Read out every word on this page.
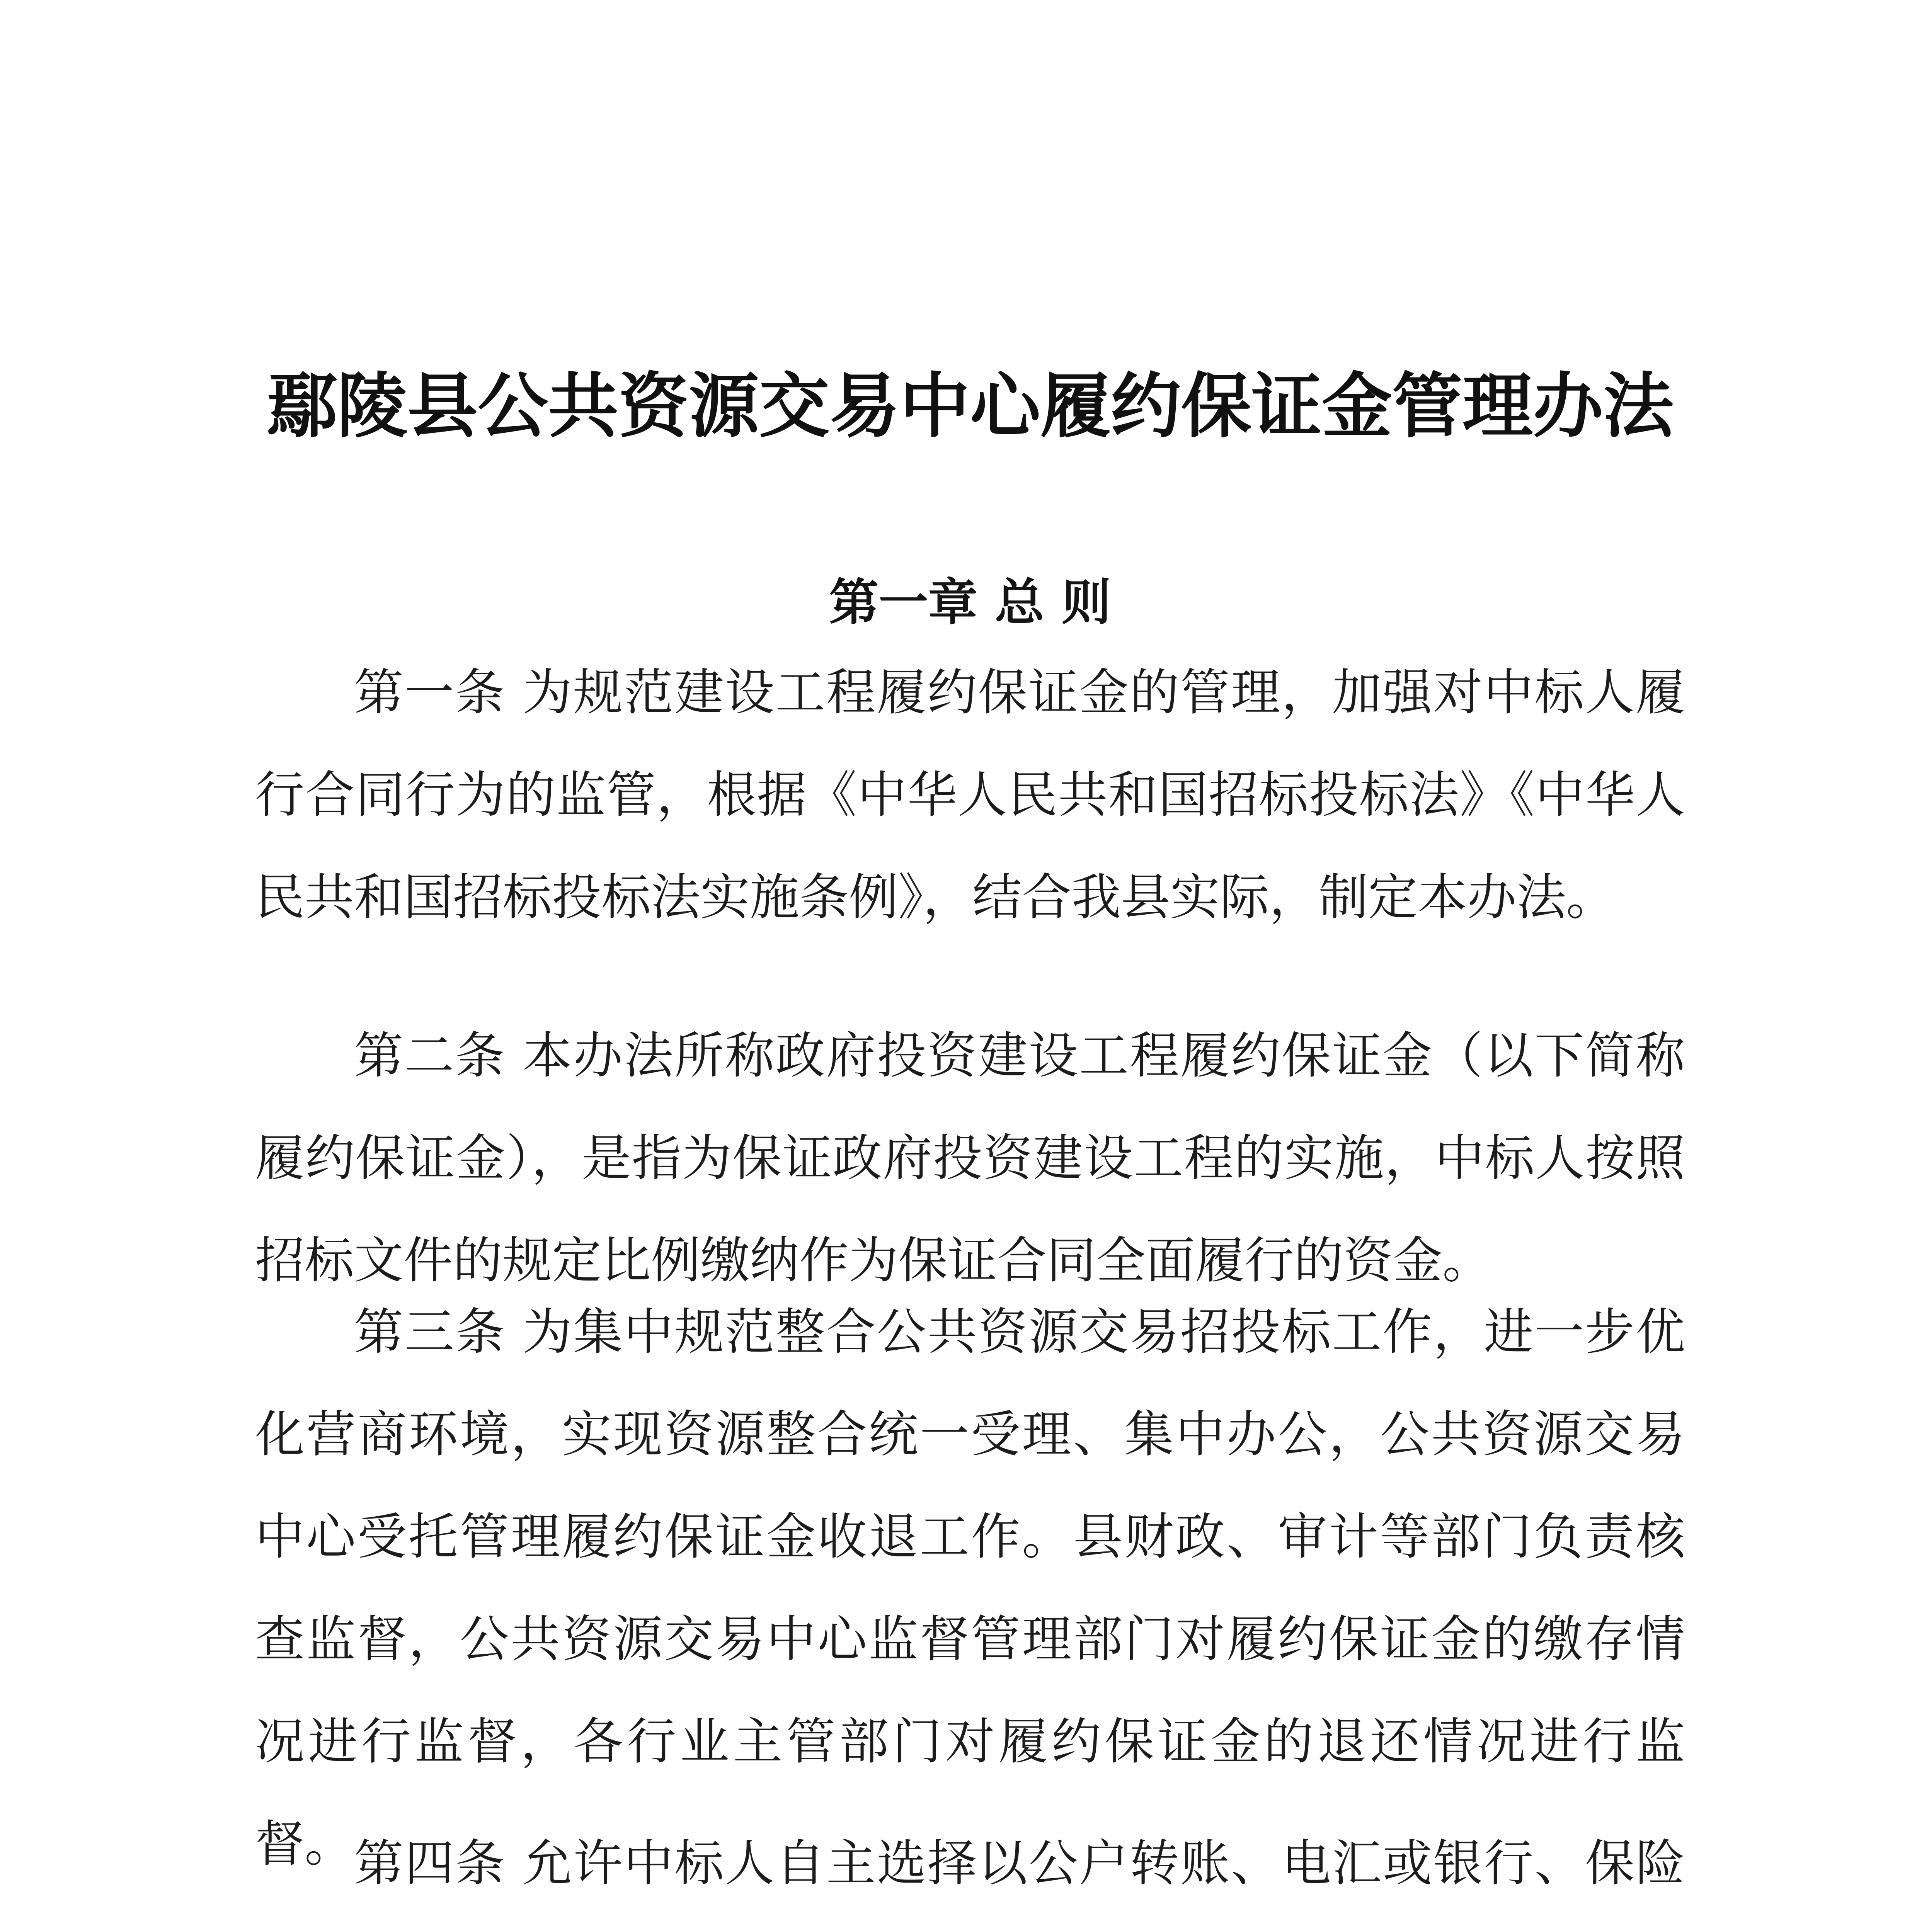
鄢陵县公共资源交易中心履约保证金管理办法
第一章 总 则

第一条 为规范建设工程履约保证金的管理，加强对中标人履行合同行为的监管，根据《中华人民共和国招标投标法》《中华人民共和国招标投标法实施条例》，结合我县实际，制定本办法。

第二条 本办法所称政府投资建设工程履约保证金（以下简称履约保证金），是指为保证政府投资建设工程的实施，中标人按照招标文件的规定比例缴纳作为保证合同全面履行的资金。

第三条 为集中规范整合公共资源交易招投标工作，进一步优化营商环境，实现资源整合统一受理、集中办公，公共资源交易中心受托管理履约保证金收退工作。县财政、审计等部门负责核查监督，公共资源交易中心监督管理部门对履约保证金的缴存情况进行监督，各行业主管部门对履约保证金的退还情况进行监督。 第四条 允许中标人自主选择以公户转账、电汇或银行、保险
